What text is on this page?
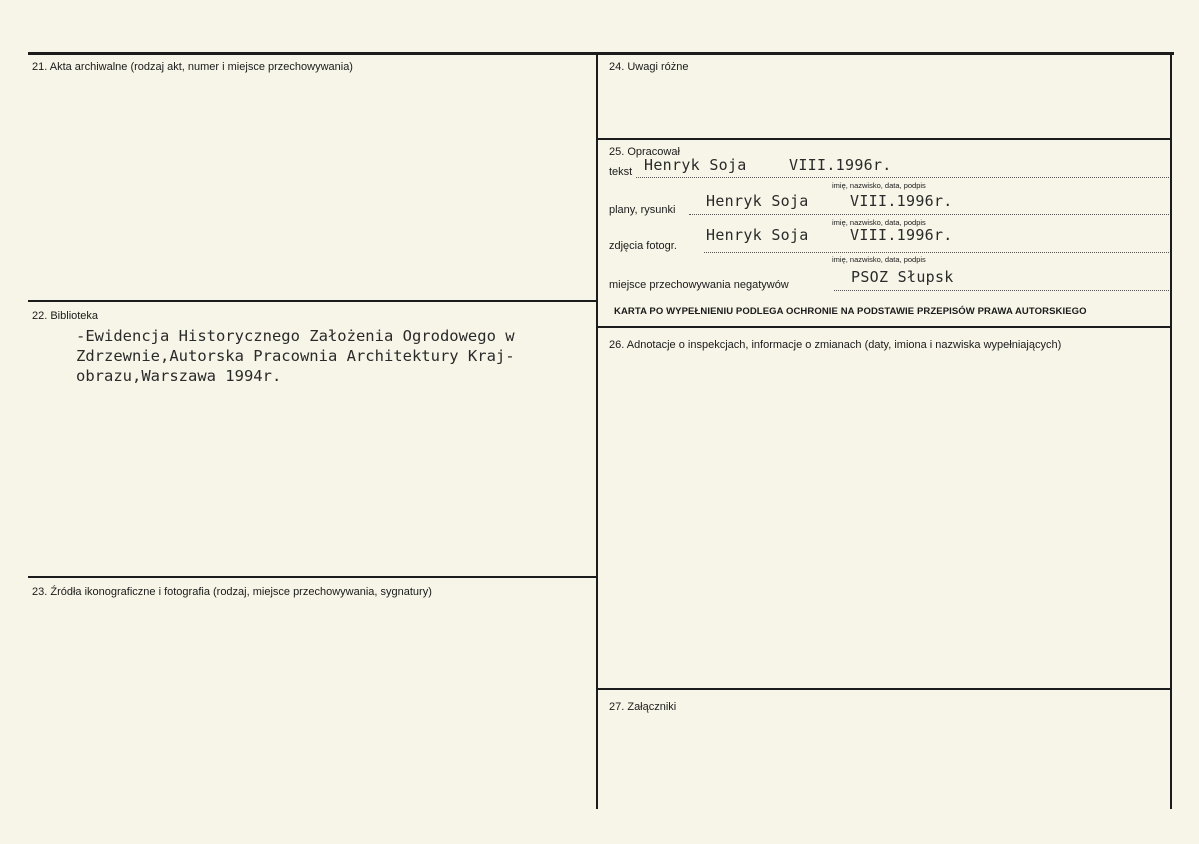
21. Akta archiwalne (rodzaj akt, numer i miejsce przechowywania)
22. Biblioteka
-Ewidencja Historycznego Założenia Ogrodowego w
Zdrzewnie,Autorska Pracownia Architektury Kraj-
obrazu,Warszawa 1994r.
23. Źródła ikonograficzne i fotografia (rodzaj, miejsce przechowywania, sygnatury)
24. Uwagi różne
25. Opracował
tekst Henryk Soja	VIII.1996r.
imię, nazwisko, data, podpis
plany, rysunki Henryk Soja	VIII.1996r.
imię, nazwisko, data, podpis
zdjęcia fotogr.
Henryk Soja	VIII.1996r.
imię, nazwisko, data, podpis
miejsce przechowywania negatywów	PSOZ Słupsk
KARTA PO WYPEŁNIENIU PODLEGA OCHRONIE NA PODSTAWIE PRZEPISÓW PRAWA AUTORSKIEGO
26. Adnotacje o inspekcjach, informacje o zmianach (daty, imiona i nazwiska wypełniających)
27. Załączniki
